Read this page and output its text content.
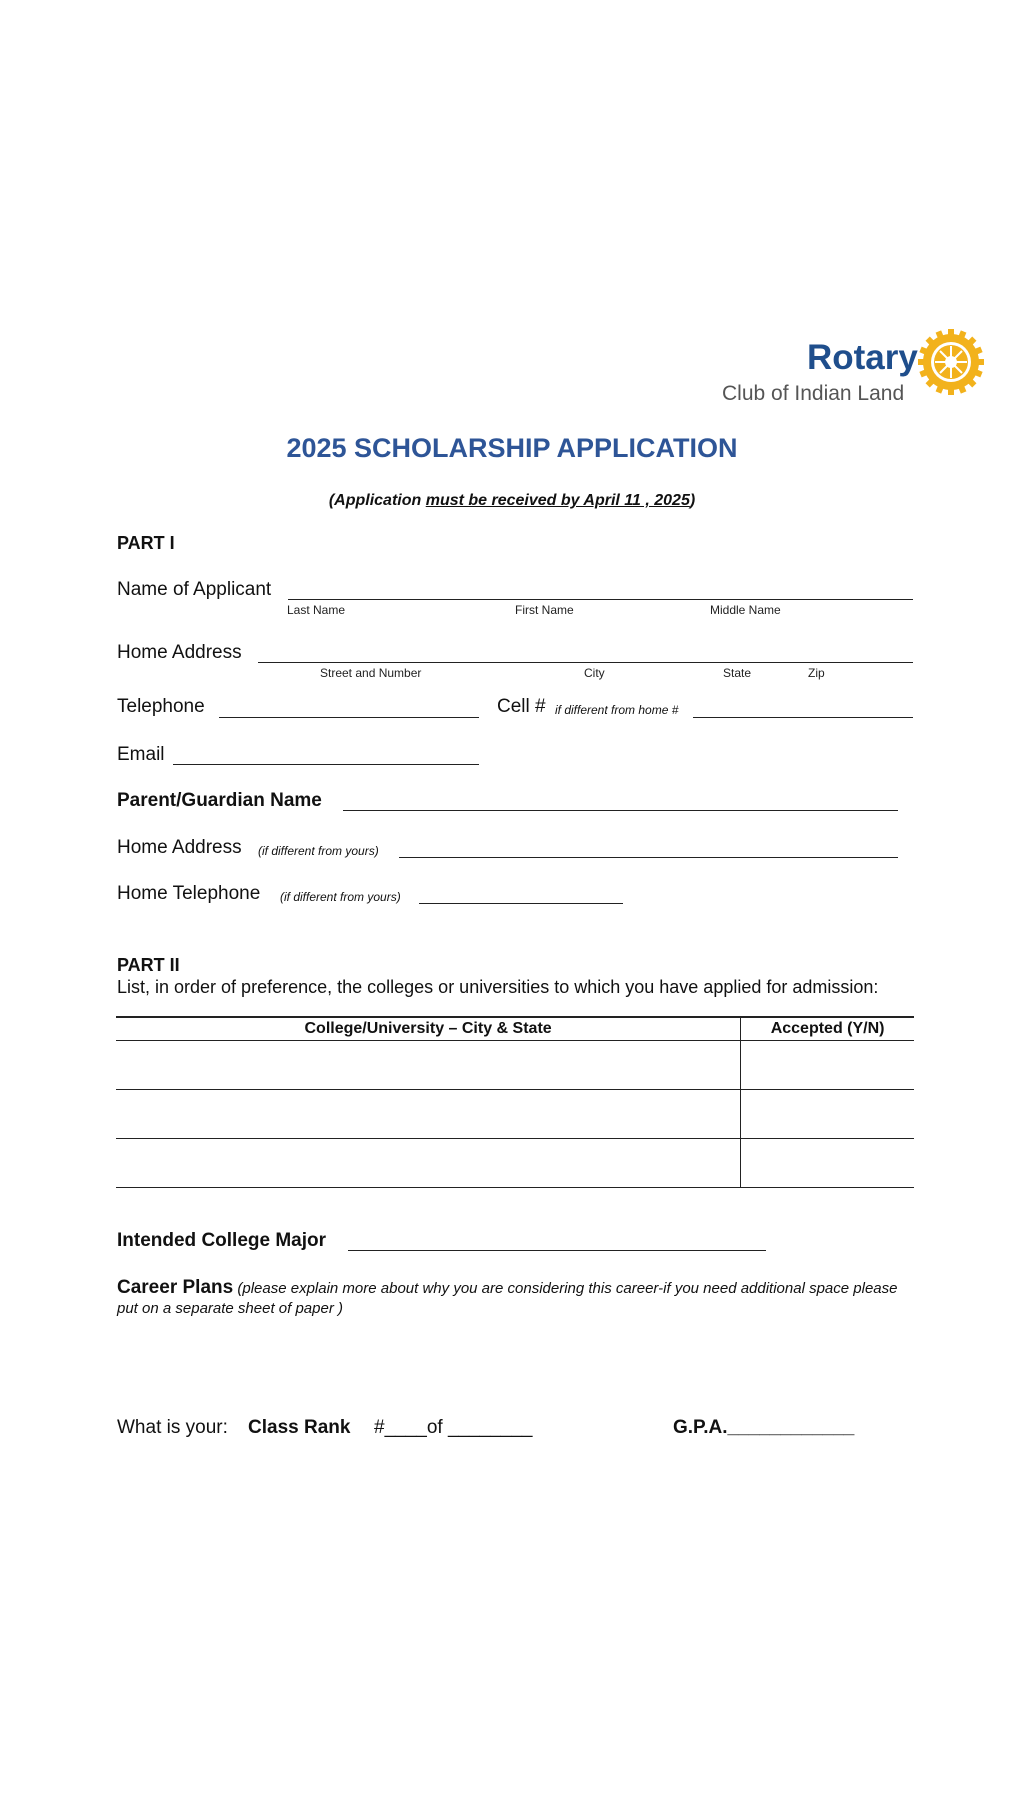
Rotary
Club of Indian Land
2025 SCHOLARSHIP APPLICATION
(Application must be received by April 11 , 2025)
PART I
Name of Applicant
Last Name	First Name	Middle Name
Home Address
Street and Number	City	State	Zip
Telephone	Cell # if different from home #
Email
Parent/Guardian Name
Home Address (if different from yours)
Home Telephone (if different from yours)
PART II
List, in order of preference, the colleges or universities to which you have applied for admission:
College/University – City & State	Accepted (Y/N)

Intended College Major
Career Plans (please explain more about why you are considering this career-if you need additional space please put on a separate sheet of paper )
What is your: Class Rank #____of ________	G.P.A.____________
